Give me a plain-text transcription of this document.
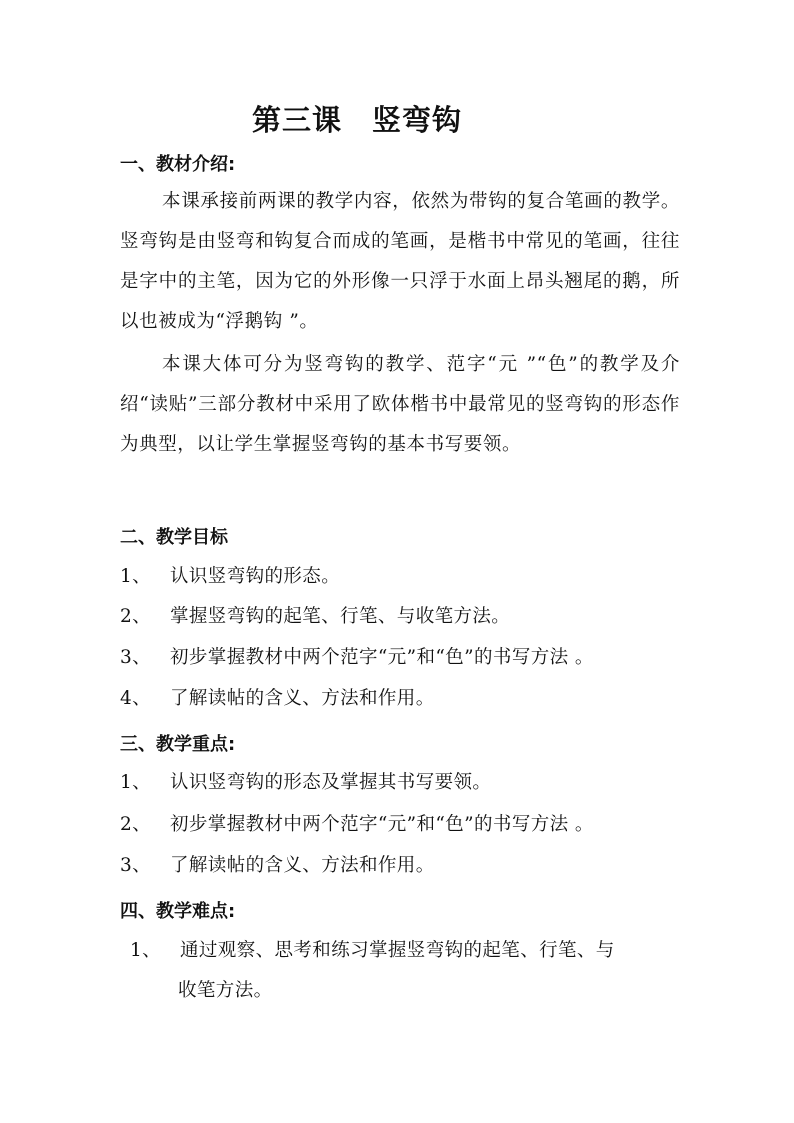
第三课　竖弯钩
一、教材介绍:
本课承接前两课的教学内容，依然为带钩的复合笔画的教学。竖弯钩是由竖弯和钩复合而成的笔画，是楷书中常见的笔画，往往是字中的主笔，因为它的外形像一只浮于水面上昂头翘尾的鹅，所以也被成为“浮鹅钩 ”。
本课大体可分为竖弯钩的教学、范字“元 ”“色”的教学及介绍“读贴”三部分教材中采用了欧体楷书中最常见的竖弯钩的形态作为典型，以让学生掌握竖弯钩的基本书写要领。
二、教学目标
1、 认识竖弯钩的形态。
2、 掌握竖弯钩的起笔、行笔、与收笔方法。
3、 初步掌握教材中两个范字“元”和“色”的书写方法 。
4、 了解读帖的含义、方法和作用。
三、教学重点:
1、 认识竖弯钩的形态及掌握其书写要领。
2、 初步掌握教材中两个范字“元”和“色”的书写方法 。
3、 了解读帖的含义、方法和作用。
四、教学难点:
1、 通过观察、思考和练习掌握竖弯钩的起笔、行笔、与
收笔方法。
